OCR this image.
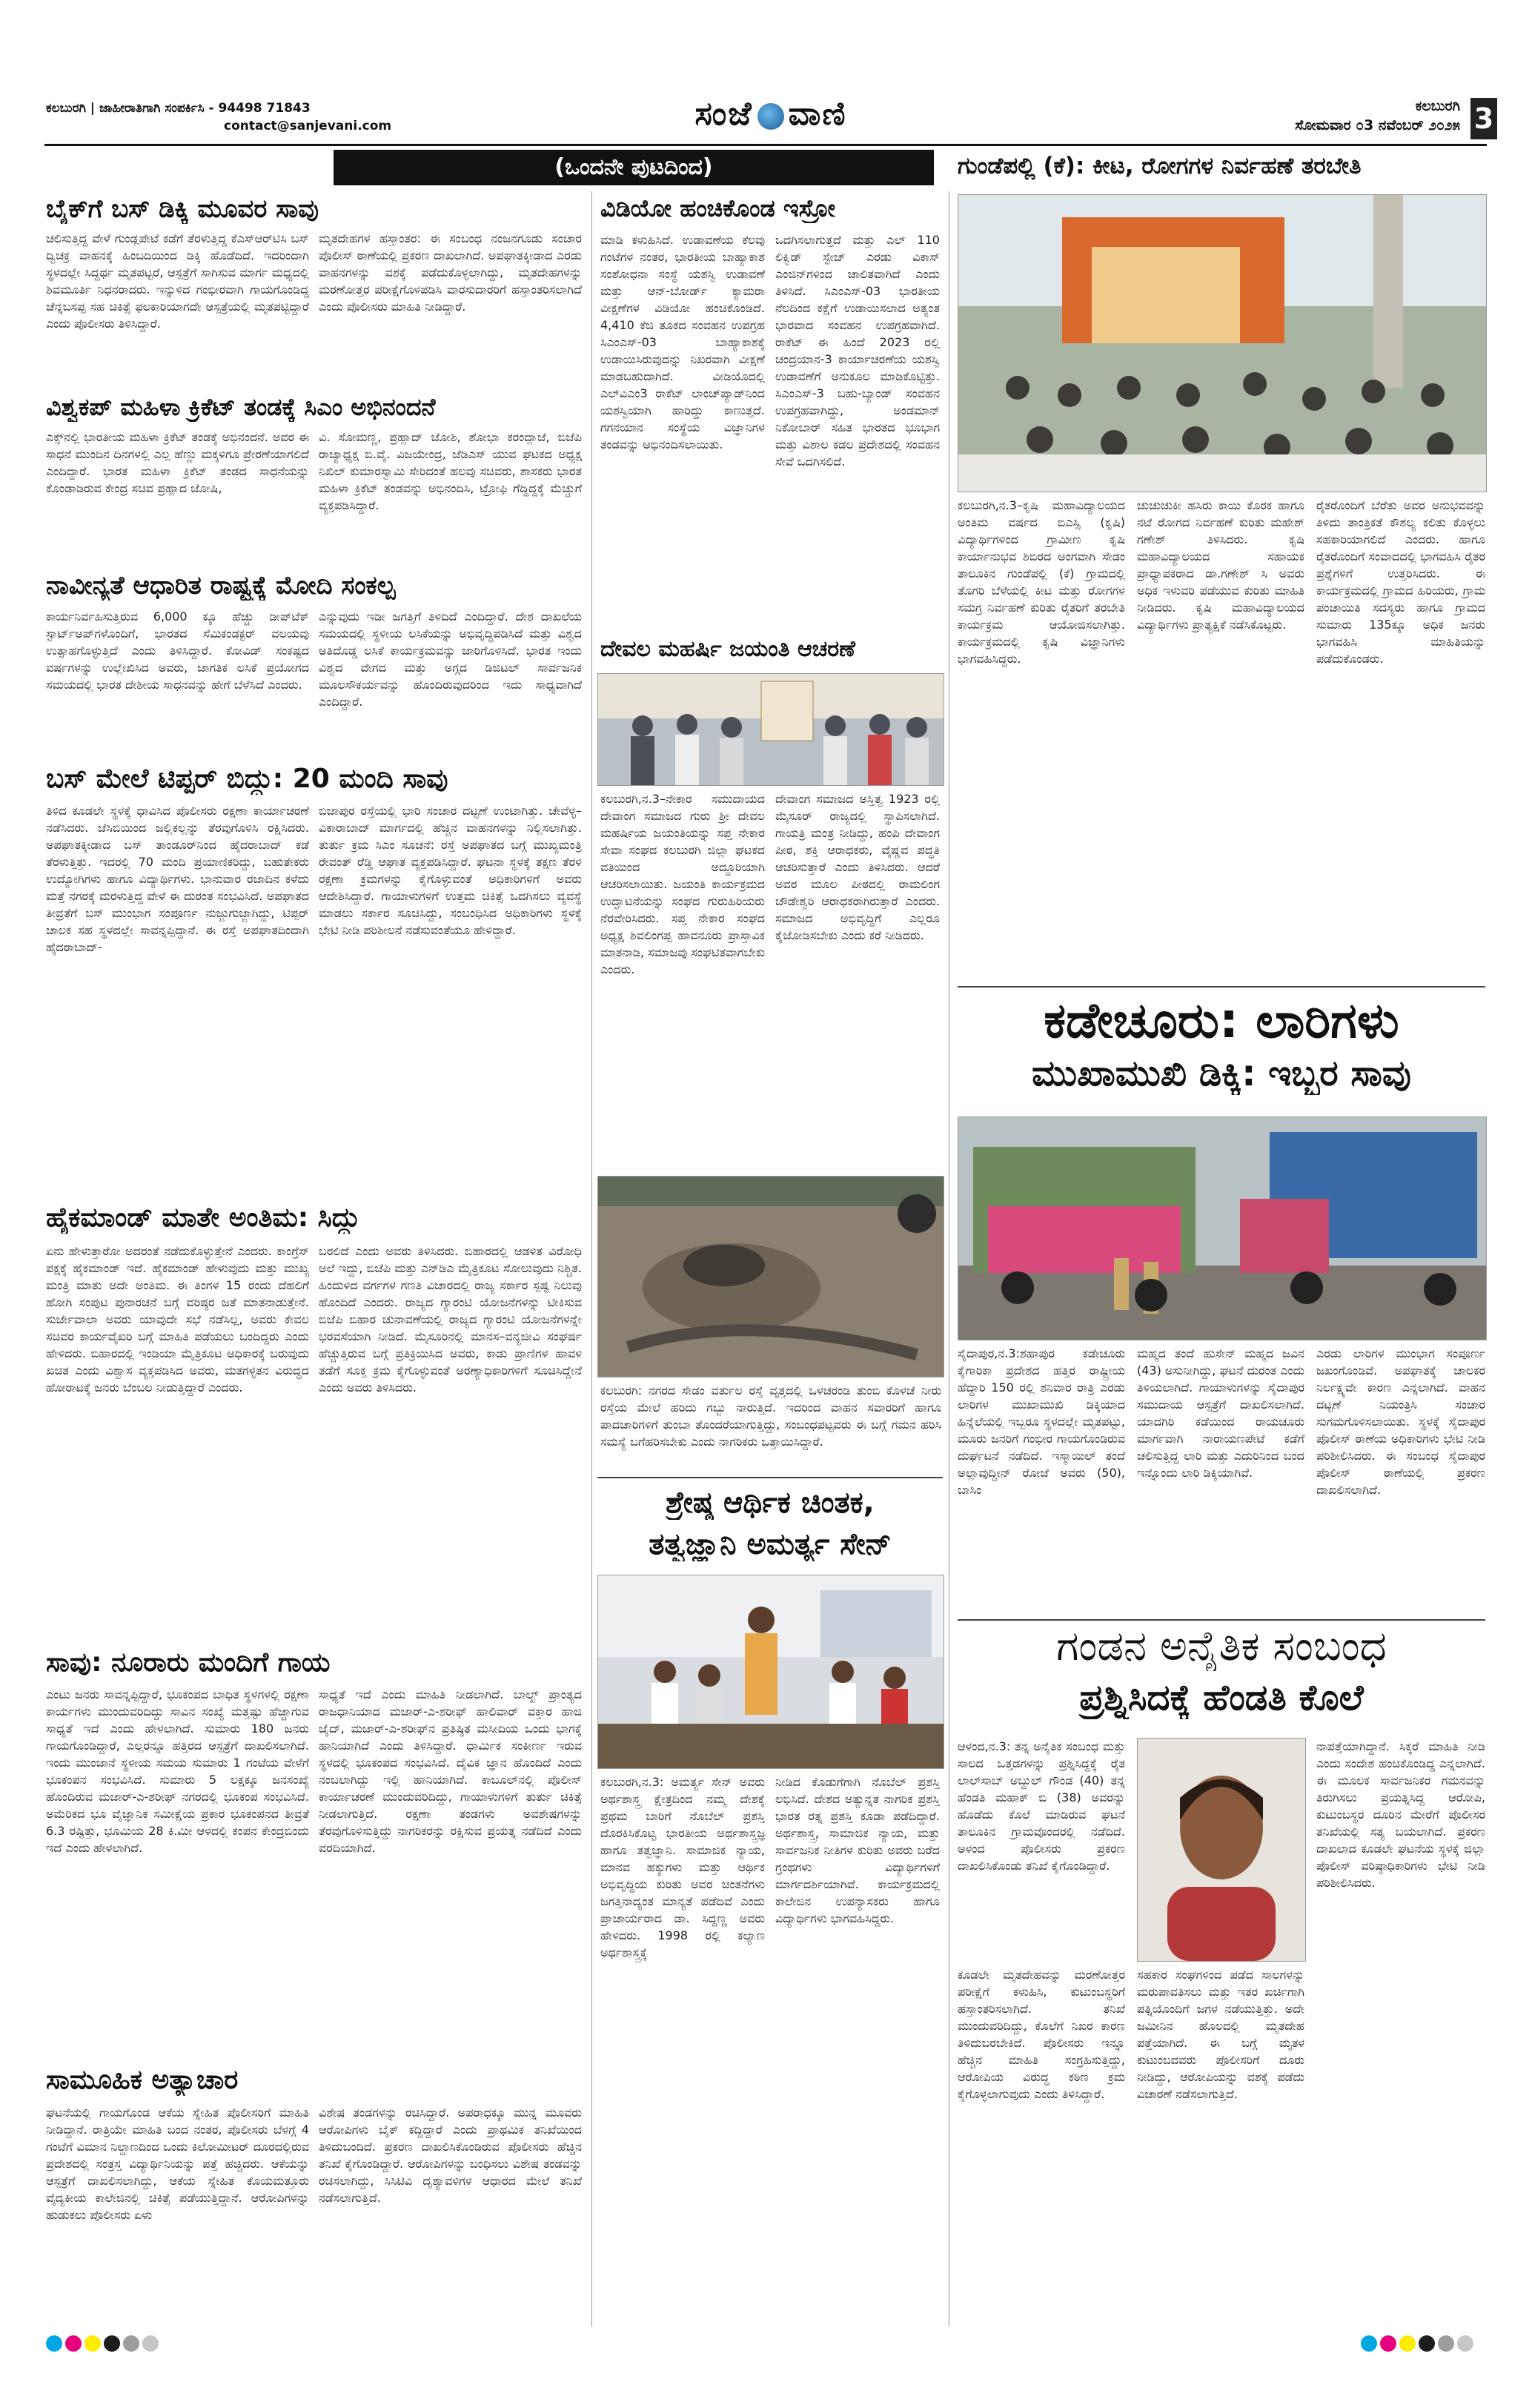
ಕಲಬುರಗಿ | ಜಾಹೀರಾತಿಗಾಗಿ ಸಂಪರ್ಕಿಸಿ - 94498 71843
contact@sanjevani.com	ಸಂಜೆ ವಾಣಿ	ಕಲಬುರಗಿ
ಸೋಮವಾರ ೦3 ನವೆಂಬರ್ ೨೦೨೫ 3
(ಒಂದನೇ ಪುಟದಿಂದ)
ಬೈಕ್‌ಗೆ ಬಸ್ ಡಿಕ್ಕಿ ಮೂವರ ಸಾವು
ಚಲಿಸುತ್ತಿದ್ದ ವೇಳೆ ಗುಂಡ್ಲಪೇಟೆ ಕಡೆಗೆ ತೆರಳುತ್ತಿದ್ದ ಕೆಎಸ್‌ಆರ್‌ಟಿಸಿ ಬಸ್ ದ್ವಿಚಕ್ರ ವಾಹನಕ್ಕೆ ಹಿಂಬದಿಯಿಂದ ಡಿಕ್ಕಿ ಹೊಡೆದಿದೆ. ಇದರಿಂದಾಗಿ ಸ್ಥಳದಲ್ಲೇ ಸಿದ್ದರ್ಥ ಮೃತಪಟ್ಟರೆ, ಆಸ್ಪತ್ರೆಗೆ ಸಾಗಿಸುವ ಮಾರ್ಗ ಮಧ್ಯದಲ್ಲಿ ಶಿವಮೂರ್ತಿ ನಿಧನರಾದರು. ಇನ್ನುಳಿದ ಗಂಭೀರವಾಗಿ ಗಾಯಗೊಂಡಿದ್ದ ಚೆನ್ನಬಸಪ್ಪ ಸಹ ಚಿಕಿತ್ಸೆ ಫಲಕಾರಿಯಾಗದೇ ಆಸ್ಪತ್ರೆಯಲ್ಲಿ ಮೃತಪಟ್ಟಿದ್ದಾರೆ ಎಂದು ಪೊಲೀಸರು ತಿಳಿಸಿದ್ದಾರೆ.
ಮೃತದೇಹಗಳ ಹಸ್ತಾಂತರ: ಈ ಸಂಬಂಧ ನಂಜನಗೂಡು ಸಂಚಾರ ಪೊಲೀಸ್ ಠಾಣೆಯಲ್ಲಿ ಪ್ರಕರಣ ದಾಖಲಾಗಿದೆ. ಅಪಘಾತಕ್ಕೀಡಾದ ಎರಡು ವಾಹನಗಳನ್ನು ವಶಕ್ಕೆ ಪಡೆದುಕೊಳ್ಳಲಾಗಿದ್ದು, ಮೃತದೇಹಗಳನ್ನು ಮರಣೋತ್ತರ ಪರೀಕ್ಷೆಗೊಳಪಡಿಸಿ ವಾರಸುದಾರರಿಗೆ ಹಸ್ತಾಂತರಿಸಲಾಗಿದೆ ಎಂದು ಪೊಲೀಸರು ಮಾಹಿತಿ ನೀಡಿದ್ದಾರೆ.
ವಿಶ್ವಕಪ್ ಮಹಿಳಾ ಕ್ರಿಕೆಟ್ ತಂಡಕ್ಕೆ ಸಿಎಂ ಅಭಿನಂದನೆ
ಎಕ್ಸ್‌ನಲ್ಲಿ ಭಾರತೀಯ ಮಹಿಳಾ ಕ್ರಿಕೆಟ್ ತಂಡಕ್ಕೆ ಅಭಿನಂದನೆ. ಅವರ ಈ ಸಾಧನೆ ಮುಂದಿನ ದಿನಗಳಲ್ಲಿ ಎಲ್ಲ ಹೆಣ್ಣು ಮಕ್ಕಳಿಗೂ ಪ್ರೇರಣೆಯಾಗಲಿದೆ ಎಂದಿದ್ದಾರೆ. ಭಾರತ ಮಹಿಳಾ ಕ್ರಿಕೆಟ್ ತಂಡದ ಸಾಧನೆಯನ್ನು ಕೊಂಡಾಡಿರುವ ಕೇಂದ್ರ ಸಚಿವ ಪ್ರಹ್ಲಾದ ಜೋಷಿ,
ವಿ. ಸೋಮಣ್ಣ, ಪ್ರಹ್ಲಾದ್ ಜೋಶಿ, ಶೋಭಾ ಕರಂದ್ಲಾಜೆ, ಬಿಜೆಪಿ ರಾಜ್ಯಾಧ್ಯಕ್ಷ ಬಿ.ವೈ. ವಿಜಯೇಂದ್ರ, ಜೆಡಿಎಸ್ ಯುವ ಘಟಕದ ಅಧ್ಯಕ್ಷ ನಿಖಿಲ್ ಕುಮಾರಸ್ವಾಮಿ ಸೇರಿದಂತೆ ಹಲವು ಸಚಿವರು, ಶಾಸಕರು ಭಾರತ ಮಹಿಳಾ ಕ್ರಿಕೆಟ್ ತಂಡವನ್ನು ಅಭಿನಂದಿಸಿ, ಟ್ರೋಫಿ ಗೆದ್ದಿದ್ದಕ್ಕೆ ಮೆಚ್ಚುಗೆ ವ್ಯಕ್ತಪಡಿಸಿದ್ದಾರೆ.
ನಾವೀನ್ಯತೆ ಆಧಾರಿತ ರಾಷ್ಟ್ರಕ್ಕೆ ಮೋದಿ ಸಂಕಲ್ಪ
ಕಾರ್ಯನಿರ್ವಹಿಸುತ್ತಿರುವ 6,000 ಕ್ಕೂ ಹೆಚ್ಚು ಡೀಪ್‌ಟೆಕ್ ಸ್ಟಾರ್ಟ್‌ಅಪ್‌ಗಳೊಂದಿಗೆ, ಭಾರತದ ಸೆಮಿಕಂಡಕ್ಟರ್ ವಲಯವು ಉತ್ಸಾಹಗೊಳ್ಳುತ್ತಿದೆ ಎಂದು ತಿಳಿಸಿದ್ದಾರೆ. ಕೋವಿಡ್ ಸಂಕಷ್ಟದ ವರ್ಷಗಳನ್ನು ಉಲ್ಲೇಖಿಸಿದ ಅವರು, ಜಾಗತಿಕ ಲಸಿಕೆ ಪ್ರಯೋಗದ ಸಮಯದಲ್ಲಿ ಭಾರತ ದೇಶೀಯ ಸಾಧನವನ್ನು ಹೇಗೆ ಬೆಳೆಸಿದೆ ಎಂದರು.
ಎನ್ನುವುದು ಇಡೀ ಜಗತ್ತಿಗೆ ತಿಳಿದಿದೆ ಎಂದಿದ್ದಾರೆ. ದೇಶ ದಾಖಲೆಯ ಸಮಯದಲ್ಲಿ ಸ್ಥಳೀಯ ಲಸಿಕೆಯನ್ನು ಅಭಿವೃದ್ಧಿಪಡಿಸಿದೆ ಮತ್ತು ವಿಶ್ವದ ಅತಿದೊಡ್ಡ ಲಸಿಕೆ ಕಾರ್ಯಕ್ರಮವನ್ನು ಜಾರಿಗೊಳಿಸಿದೆ. ಭಾರತ ಇಂದು ವಿಶ್ವದ ವೇಗದ ಮತ್ತು ಅಗ್ಗದ ಡಿಜಿಟಲ್ ಸಾರ್ವಜನಿಕ ಮೂಲಸೌಕರ್ಯವನ್ನು ಹೊಂದಿರುವುದರಿಂದ ಇದು ಸಾಧ್ಯವಾಗಿದೆ ಎಂದಿದ್ದಾರೆ.
ಬಸ್ ಮೇಲೆ ಟಿಪ್ಪರ್ ಬಿದ್ದು: 20 ಮಂದಿ ಸಾವು
ತಿಳಿದ ಕೂಡಲೇ ಸ್ಥಳಕ್ಕೆ ಧಾವಿಸಿದ ಪೊಲೀಸರು ರಕ್ಷಣಾ ಕಾರ್ಯಾಚರಣೆ ನಡೆಸಿದರು. ಜೆಸಿಬಿಯಿಂದ ಜಲ್ಲಿಕಲ್ಲನ್ನು ತೆರವುಗೊಳಿಸಿ ರಕ್ಷಿಸಿದರು. ಅಪಘಾತಕ್ಕೀಡಾದ ಬಸ್ ತಾಂಡೂರ್‌ನಿಂದ ಹೈದರಾಬಾದ್ ಕಡೆ ತೆರಳುತ್ತಿತ್ತು. ಇದರಲ್ಲಿ 70 ಮಂದಿ ಪ್ರಯಾಣಿಕರಿದ್ದು, ಬಹುತೇಕರು ಉದ್ಯೋಗಿಗಳು ಹಾಗೂ ವಿದ್ಯಾರ್ಥಿಗಳು. ಭಾನುವಾರ ರಜಾದಿನ ಕಳೆದು ಮತ್ತೆ ನಗರಕ್ಕೆ ಮರಳುತ್ತಿದ್ದ ವೇಳೆ ಈ ದುರಂತ ಸಂಭವಿಸಿದೆ. ಅಪಘಾತದ ತೀವ್ರತೆಗೆ ಬಸ್ ಮುಂಭಾಗ ಸಂಪೂರ್ಣ ನುಜ್ಜುಗುಜ್ಜಾಗಿದ್ದು, ಟಿಪ್ಪರ್ ಚಾಲಕ ಸಹ ಸ್ಥಳದಲ್ಲೇ ಸಾವನ್ನಪ್ಪಿದ್ದಾನೆ. ಈ ರಸ್ತೆ ಅಪಘಾತದಿಂದಾಗಿ ಹೈದರಾಬಾದ್-
ಬಿಜಾಪುರ ರಸ್ತೆಯಲ್ಲಿ ಭಾರಿ ಸಂಚಾರ ದಟ್ಟಣೆ ಉಂಟಾಗಿತ್ತು. ಚೇವೆಳ್ಳ–ವಿಕಾರಾಬಾದ್ ಮಾರ್ಗದಲ್ಲಿ ಹೆಚ್ಚಿನ ವಾಹನಗಳನ್ನು ನಿಲ್ಲಿಸಲಾಗಿತ್ತು. ತುರ್ತು ಕ್ರಮ ಸಿಎಂ ಸೂಚನೆ: ರಸ್ತೆ ಅಪಘಾತದ ಬಗ್ಗೆ ಮುಖ್ಯಮಂತ್ರಿ ರೇವಂತ್ ರೆಡ್ಡಿ ಆಘಾತ ವ್ಯಕ್ತಪಡಿಸಿದ್ದಾರೆ. ಘಟನಾ ಸ್ಥಳಕ್ಕೆ ತಕ್ಷಣ ತೆರಳಿ ರಕ್ಷಣಾ ಕ್ರಮಗಳನ್ನು ಕೈಗೊಳ್ಳುವಂತೆ ಅಧಿಕಾರಿಗಳಿಗೆ ಅವರು ಆದೇಶಿಸಿದ್ದಾರೆ. ಗಾಯಾಳುಗಳಿಗೆ ಉತ್ತಮ ಚಿಕಿತ್ಸೆ ಒದಗಿಸಲು ವ್ಯವಸ್ಥೆ ಮಾಡಲು ಸರ್ಕಾರ ಸೂಚಿಸಿದ್ದು, ಸಂಬಂಧಿಸಿದ ಅಧಿಕಾರಿಗಳು ಸ್ಥಳಕ್ಕೆ ಭೇಟಿ ನೀಡಿ ಪರಿಶೀಲನೆ ನಡೆಸುವಂತೆಯೂ ಹೇಳಿದ್ದಾರೆ.
ಹೈಕಮಾಂಡ್ ಮಾತೇ ಅಂತಿಮ: ಸಿದ್ದು
ಏನು ಹೇಳುತ್ತಾರೋ ಅದರಂತೆ ನಡೆದುಕೊಳ್ಳುತ್ತೇನೆ ಎಂದರು. ಕಾಂಗ್ರೆಸ್ ಪಕ್ಷಕ್ಕೆ ಹೈಕಮಾಂಡ್ ಇದೆ. ಹೈಕಮಾಂಡ್ ಹೇಳುವುದು ಮತ್ತು ಮುಖ್ಯ ಮಂತ್ರಿ ಮಾತು ಅದೇ ಅಂತಿಮ. ಈ ತಿಂಗಳ 15 ರಂದು ದೆಹಲಿಗೆ ಹೋಗಿ ಸಂಪುಟ ಪುನಾರಚನೆ ಬಗ್ಗೆ ವರಿಷ್ಠರ ಜತೆ ಮಾತನಾಡುತ್ತೇನೆ. ಸುರ್ಜೇವಾಲಾ ಅವರು ಯಾವುದೇ ಸಭೆ ನಡೆಸಿಲ್ಲ, ಅವರು ಕೇವಲ ಸಚಿವರ ಕಾರ್ಯವೈಖರಿ ಬಗ್ಗೆ ಮಾಹಿತಿ ಪಡೆಯಲು ಬಂದಿದ್ದರು ಎಂದು ಹೇಳಿದರು. ಬಿಹಾರದಲ್ಲಿ ಇಂಡಿಯಾ ಮೈತ್ರಿಕೂಟ ಅಧಿಕಾರಕ್ಕೆ ಬರುವುದು ಖಚಿತ ಎಂದು ವಿಶ್ವಾಸ ವ್ಯಕ್ತಪಡಿಸಿದ ಅವರು, ಮತಗಳ್ಳತನ ವಿರುದ್ಧದ ಹೋರಾಟಕ್ಕೆ ಜನರು ಬೆಂಬಲ ನೀಡುತ್ತಿದ್ದಾರೆ ಎಂದರು.
ಬರಲಿದೆ ಎಂದು ಅವರು ತಿಳಿಸಿದರು. ಬಿಹಾರದಲ್ಲಿ ಆಡಳಿತ ವಿರೋಧಿ ಅಲೆ ಇದ್ದು, ಬಿಜೆಪಿ ಮತ್ತು ಎನ್‌ಡಿಎ ಮೈತ್ರಿಕೂಟ ಸೋಲುವುದು ನಿಶ್ಚಿತ. ಹಿಂದುಳಿದ ವರ್ಗಗಳ ಗಣತಿ ವಿಚಾರದಲ್ಲಿ ರಾಜ್ಯ ಸರ್ಕಾರ ಸ್ಪಷ್ಟ ನಿಲುವು ಹೊಂದಿದೆ ಎಂದರು. ರಾಜ್ಯದ ಗ್ಯಾರಂಟಿ ಯೋಜನೆಗಳನ್ನು ಟೀಕಿಸುವ ಬಿಜೆಪಿ ಬಿಹಾರ ಚುನಾವಣೆಯಲ್ಲಿ ರಾಜ್ಯದ ಗ್ಯಾರಂಟಿ ಯೋಜನೆಗಳನ್ನೇ ಭರವಸೆಯಾಗಿ ನೀಡಿದೆ. ಮೈಸೂರಿನಲ್ಲಿ ಮಾನಸ–ವನ್ಯಜೀವಿ ಸಂಘರ್ಷ ಹೆಚ್ಚುತ್ತಿರುವ ಬಗ್ಗೆ ಪ್ರತಿಕ್ರಿಯಿಸಿದ ಅವರು, ಕಾಡು ಪ್ರಾಣಿಗಳ ಹಾವಳಿ ತಡೆಗೆ ಸೂಕ್ತ ಕ್ರಮ ಕೈಗೊಳ್ಳುವಂತೆ ಅರಣ್ಯಾಧಿಕಾರಿಗಳಿಗೆ ಸೂಚಿಸಿದ್ದೇನೆ ಎಂದು ಅವರು ತಿಳಿಸಿದರು.
ಸಾವು: ನೂರಾರು ಮಂದಿಗೆ ಗಾಯ
ಎಂಟು ಜನರು ಸಾವನ್ನಪ್ಪಿದ್ದಾರೆ, ಭೂಕಂಪದ ಬಾಧಿತ ಸ್ಥಳಗಳಲ್ಲಿ ರಕ್ಷಣಾ ಕಾರ್ಯಗಳು ಮುಂದುವರಿದಿದ್ದು ಸಾವಿನ ಸಂಖ್ಯೆ ಮತ್ತಷ್ಟು ಹೆಚ್ಚಾಗುವ ಸಾಧ್ಯತೆ ಇದೆ ಎಂದು ಹೇಳಲಾಗಿದೆ. ಸುಮಾರು 180 ಜನರು ಗಾಯಗೊಂಡಿದ್ದಾರೆ, ಎಲ್ಲರನ್ನೂ ಹತ್ತಿರದ ಆಸ್ಪತ್ರೆಗೆ ದಾಖಲಿಸಲಾಗಿದೆ. ಇಂದು ಮುಂಜಾನೆ ಸ್ಥಳೀಯ ಸಮಯ ಸುಮಾರು 1 ಗಂಟೆಯ ವೇಳೆಗೆ ಭೂಕಂಪನ ಸಂಭವಿಸಿದೆ. ಸುಮಾರು 5 ಲಕ್ಷಕ್ಕೂ ಜನಸಂಖ್ಯೆ ಹೊಂದಿರುವ ಮಜಾರ್-ಎ-ಶರೀಫ್ ನಗರದಲ್ಲಿ ಭೂಕಂಪ ಸಂಭವಿಸಿದೆ. ಅಮೆರಿಕದ ಭೂ ವೈಜ್ಞಾನಿಕ ಸಮೀಕ್ಷೆಯ ಪ್ರಕಾರ ಭೂಕಂಪನದ ತೀವ್ರತೆ 6.3 ರಷ್ಟಿತ್ತು, ಭೂಮಿಯ 28 ಕಿ.ಮೀ ಆಳದಲ್ಲಿ ಕಂಪನ ಕೇಂದ್ರಬಿಂದು ಇದೆ ಎಂದು ಹೇಳಲಾಗಿದೆ.
ಸಾಧ್ಯತೆ ಇದೆ ಎಂದು ಮಾಹಿತಿ ನೀಡಲಾಗಿದೆ. ಬಾಲ್ಖ್ ಪ್ರಾಂತ್ಯದ ರಾಜಧಾನಿಯಾದ ಮಜಾರ್-ಎ-ಶರೀಫ್ ಹಾಲಿವಾರ್ ವಕ್ತಾರ ಹಾಜಿ ಜೈದ್, ಮಜಾರ್-ಎ-ಶರೀಫ್‌ನ ಪ್ರತಿಷ್ಠಿತ ಮಸೀದಿಯ ಒಂದು ಭಾಗಕ್ಕೆ ಹಾನಿಯಾಗಿದೆ ಎಂದು ತಿಳಿಸಿದ್ದಾರೆ. ಧಾರ್ಮಿಕ ಸಂಕೀರ್ಣ ಇರುವ ಸ್ಥಳದಲ್ಲಿ ಭೂಕಂಪದ ಸಂಭವಿಸಿದೆ. ದೈವಿಕ ಜ್ಞಾನ ಹೊಂದಿದೆ ಎಂದು ನಂಬಲಾಗಿದ್ದು ಇಲ್ಲಿ ಹಾನಿಯಾಗಿದೆ. ಕಾಬೂಲ್‌ನಲ್ಲಿ ಪೊಲೀಸ್ ಕಾರ್ಯಾಚರಣೆ ಮುಂದುವರಿದಿದ್ದು, ಗಾಯಾಳುಗಳಿಗೆ ತುರ್ತು ಚಿಕಿತ್ಸೆ ನೀಡಲಾಗುತ್ತಿದೆ. ರಕ್ಷಣಾ ತಂಡಗಳು ಅವಶೇಷಗಳನ್ನು ತೆರವುಗೊಳಿಸುತ್ತಿದ್ದು ನಾಗರಿಕರನ್ನು ರಕ್ಷಿಸುವ ಪ್ರಯತ್ನ ನಡೆದಿದೆ ಎಂದು ವರದಿಯಾಗಿದೆ.
ಸಾಮೂಹಿಕ ಅತ್ಯಾಚಾರ
ಘಟನೆಯಲ್ಲಿ ಗಾಯಗೊಂಡ ಆಕೆಯ ಸ್ನೇಹಿತ ಪೊಲೀಸರಿಗೆ ಮಾಹಿತಿ ನೀಡಿದ್ದಾನೆ. ರಾತ್ರಿಯೇ ಮಾಹಿತಿ ಬಂದ ನಂತರ, ಪೊಲೀಸರು ಬೆಳಗ್ಗೆ 4 ಗಂಟೆಗೆ ವಿಮಾನ ನಿಲ್ದಾಣದಿಂದ ಒಂದು ಕಿಲೋಮೀಟರ್ ದೂರದಲ್ಲಿರುವ ಪ್ರದೇಶದಲ್ಲಿ ಸಂತ್ರಸ್ತ ವಿದ್ಯಾರ್ಥಿನಿಯನ್ನು ಪತ್ತೆ ಹಚ್ಚಿದರು. ಆಕೆಯನ್ನು ಆಸ್ಪತ್ರೆಗೆ ದಾಖಲಿಸಲಾಗಿದ್ದು, ಆಕೆಯ ಸ್ನೇಹಿತ ಕೊಯಮತ್ತೂರು ವೈದ್ಯಕೀಯ ಕಾಲೇಜಿನಲ್ಲಿ ಚಿಕಿತ್ಸೆ ಪಡೆಯುತ್ತಿದ್ದಾನೆ. ಆರೋಪಿಗಳನ್ನು ಹುಡುಕಲು ಪೊಲೀಸರು ಏಳು
ವಿಶೇಷ ತಂಡಗಳನ್ನು ರಚಿಸಿದ್ದಾರೆ. ಅಪರಾಧಕ್ಕೂ ಮುನ್ನ ಮೂವರು ಆರೋಪಿಗಳು ಬೈಕ್ ಕದ್ದಿದ್ದಾರೆ ಎಂದು ಪ್ರಾಥಮಿಕ ತನಿಖೆಯಿಂದ ತಿಳಿದುಬಂದಿದೆ. ಪ್ರಕರಣ ದಾಖಲಿಸಿಕೊಂಡಿರುವ ಪೊಲೀಸರು ಹೆಚ್ಚಿನ ತನಿಖೆ ಕೈಗೊಂಡಿದ್ದಾರೆ. ಆರೋಪಿಗಳನ್ನು ಬಂಧಿಸಲು ವಿಶೇಷ ತಂಡವನ್ನು ರಚಿಸಲಾಗಿದ್ದು, ಸಿಸಿಟಿವಿ ದೃಶ್ಯಾವಳಿಗಳ ಆಧಾರದ ಮೇಲೆ ತನಿಖೆ ನಡೆಸಲಾಗುತ್ತಿದೆ.
ವಿಡಿಯೋ ಹಂಚಿಕೊಂಡ ಇಸ್ರೋ
ಮಾಡಿ ಕಳುಹಿಸಿದೆ. ಉಡಾವಣೆಯ ಕೆಲವು ಗಂಟೆಗಳ ನಂತರ, ಭಾರತೀಯ ಬಾಹ್ಯಾಕಾಶ ಸಂಶೋಧನಾ ಸಂಸ್ಥೆ ಯಶಸ್ವಿ ಉಡಾವಣೆ ಮತ್ತು ಆನ್-ಬೋರ್ಡ್ ಕ್ಯಾಮರಾ ವೀಕ್ಷಣೆಗಳ ವಿಡಿಯೋ ಹಂಚಿಕೊಂಡಿದೆ. 4,410 ಕೆಜಿ ತೂಕದ ಸಂವಹನ ಉಪಗ್ರಹ ಸಿಎಂಎಸ್-03 ಬಾಹ್ಯಾಕಾಶಕ್ಕೆ ಉಡಾಯಿಸಿರುವುದನ್ನು ನಿಖರವಾಗಿ ವೀಕ್ಷಣೆ ಮಾಡಬಹುದಾಗಿದೆ. ವೀಡಿಯೊದಲ್ಲಿ ಎಲ್‌ವಿಎಂ3 ರಾಕೆಟ್ ಲಾಂಚ್‌ಪ್ಯಾಡ್‌ನಿಂದ ಯಶಸ್ವಿಯಾಗಿ ಹಾರಿದ್ದು ಕಾಣುತ್ತದೆ. ಗಗನಯಾನ ಸಂಸ್ಥೆಯ ವಿಜ್ಞಾನಿಗಳ ತಂಡವನ್ನು ಅಭಿನಂದಿಸಲಾಯಿತು.
ಒದಗಿಸಲಾಗುತ್ತದೆ ಮತ್ತು ಎಲ್ 110 ಲಿಕ್ವಿಡ್ ಸ್ಟೇಜ್ ಎರಡು ವಿಕಾಸ್ ಎಂಜಿನ್‌ಗಳಿಂದ ಚಾಲಿತವಾಗಿದೆ ಎಂದು ತಿಳಿಸಿದೆ. ಸಿಎಂಎಸ್-03 ಭಾರತೀಯ ನೆಲದಿಂದ ಕಕ್ಷೆಗೆ ಉಡಾಯಿಸಲಾದ ಅತ್ಯಂತ ಭಾರವಾದ ಸಂವಹನ ಉಪಗ್ರಹವಾಗಿದೆ. ರಾಕೆಟ್ ಈ ಹಿಂದೆ 2023 ರಲ್ಲಿ ಚಂದ್ರಯಾನ-3 ಕಾರ್ಯಾಚರಣೆಯ ಯಶಸ್ವಿ ಉಡಾವಣೆಗೆ ಅನುಕೂಲ ಮಾಡಿಕೊಟ್ಟಿತ್ತು. ಸಿಎಂಎಸ್-3 ಬಹು-ಬ್ಯಾಂಡ್ ಸಂವಹನ ಉಪಗ್ರಹವಾಗಿದ್ದು, ಅಂಡಮಾನ್ ನಿಕೋಬಾರ್ ಸಹಿತ ಭಾರತದ ಭೂಭಾಗ ಮತ್ತು ವಿಶಾಲ ಕಡಲ ಪ್ರದೇಶದಲ್ಲಿ ಸಂವಹನ ಸೇವೆ ಒದಗಿಸಲಿದೆ.
ದೇವಲ ಮಹರ್ಷಿ ಜಯಂತಿ ಆಚರಣೆ
ಕಲಬುರಗಿ,ನ.3–ನೇಕಾರ ಸಮುದಾಯದ ದೇವಾಂಗ ಸಮಾಜದ ಗುರು ಶ್ರೀ ದೇವಲ ಮಹರ್ಷಿಯ ಜಯಂತಿಯನ್ನು ಸಪ್ತ ನೇಕಾರ ಸೇವಾ ಸಂಘದ ಕಲಬುರಗಿ ಜಿಲ್ಲಾ ಘಟಕದ ವತಿಯಿಂದ ಅದ್ದೂರಿಯಾಗಿ ಆಚರಿಸಲಾಯಿತು. ಜಯಂತಿ ಕಾರ್ಯಕ್ರಮದ ಉದ್ಘಾಟನೆಯನ್ನು ಸಂಘದ ಗುರುಹಿರಿಯರು ನೆರವೇರಿಸಿದರು. ಸಪ್ತ ನೇಕಾರ ಸಂಘದ ಅಧ್ಯಕ್ಷ ಶಿವಲಿಂಗಪ್ಪ ಹಾವನೂರು ಪ್ರಾಸ್ತಾವಿಕ ಮಾತನಾಡಿ, ಸಮಾಜವು ಸಂಘಟಿತವಾಗಬೇಕು ಎಂದರು.
ದೇವಾಂಗ ಸಮಾಜದ ಅಸ್ತಿತ್ವ 1923 ರಲ್ಲಿ ಮೈಸೂರ್ ರಾಜ್ಯದಲ್ಲಿ ಸ್ಥಾಪಿಸಲಾಗಿದೆ. ಗಾಯತ್ರಿ ಮಂತ್ರ ನೀಡಿದ್ದು, ಹಂಪಿ ದೇವಾಂಗ ಪೀಠ, ಶಕ್ತಿ ಆರಾಧಕರು, ವೈಷ್ಣವ ಪದ್ಧತಿ ಆಚರಿಸುತ್ತಾರೆ ಎಂದು ತಿಳಿಸಿದರು. ಆದರೆ ಅವರ ಮೂಲ ಪೀಠದಲ್ಲಿ ರಾಮಲಿಂಗ ಚೌಡೇಶ್ವರಿ ಆರಾಧಕರಾಗಿರುತ್ತಾರೆ ಎಂದರು. ಸಮಾಜದ ಅಭಿವೃದ್ಧಿಗೆ ಎಲ್ಲರೂ ಕೈಜೋಡಿಸಬೇಕು ಎಂದು ಕರೆ ನೀಡಿದರು.
ಕಲಬುರಗಿ: ನಗರದ ಸೇಡಂ ವರ್ತುಲ ರಸ್ತೆ ವೃತ್ತದಲ್ಲಿ ಒಳಚರಂಡಿ ತುಂಬಿ ಕೊಳಚೆ ನೀರು ರಸ್ತೆಯ ಮೇಲೆ ಹರಿದು ಗಬ್ಬು ನಾರುತ್ತಿದೆ. ಇದರಿಂದ ವಾಹನ ಸವಾರರಿಗೆ ಹಾಗೂ ಪಾದಚಾರಿಗಳಿಗೆ ತುಂಬಾ ತೊಂದರೆಯಾಗುತ್ತಿದ್ದು, ಸಂಬಂಧಪಟ್ಟವರು ಈ ಬಗ್ಗೆ ಗಮನ ಹರಿಸಿ ಸಮಸ್ಯೆ ಬಗೆಹರಿಸಬೇಕು ಎಂದು ನಾಗರಿಕರು ಒತ್ತಾಯಿಸಿದ್ದಾರೆ.
ಶ್ರೇಷ್ಠ ಆರ್ಥಿಕ ಚಿಂತಕ,
ತತ್ವಜ್ಞಾನಿ ಅಮರ್ತ್ಯ ಸೇನ್
ಕಲಬುರಗಿ,ನ.3: ಅಮರ್ತ್ಯ ಸೇನ್ ಅವರು ಅರ್ಥಶಾಸ್ತ್ರ ಕ್ಷೇತ್ರದಿಂದ ನಮ್ಮ ದೇಶಕ್ಕೆ ಪ್ರಥಮ ಬಾರಿಗೆ ನೊಬೆಲ್ ಪ್ರಶಸ್ತಿ ದೊರಕಿಸಿಕೊಟ್ಟ ಭಾರತೀಯ ಅರ್ಥಶಾಸ್ತ್ರಜ್ಞ ಹಾಗೂ ತತ್ವಜ್ಞಾನಿ. ಸಾಮಾಜಿಕ ನ್ಯಾಯ, ಮಾನವ ಹಕ್ಕುಗಳು ಮತ್ತು ಆರ್ಥಿಕ ಅಭಿವೃದ್ಧಿಯ ಕುರಿತು ಅವರ ಚಿಂತನೆಗಳು ಜಗತ್ತಿನಾದ್ಯಂತ ಮಾನ್ಯತೆ ಪಡೆದಿವೆ ಎಂದು ಪ್ರಾಚಾರ್ಯರಾದ ಡಾ. ಸಿದ್ದಣ್ಣ ಅವರು ಹೇಳಿದರು. 1998 ರಲ್ಲಿ ಕಲ್ಯಾಣ ಅರ್ಥಶಾಸ್ತ್ರಕ್ಕೆ
ನೀಡಿದ ಕೊಡುಗೆಗಾಗಿ ನೊಬೆಲ್ ಪ್ರಶಸ್ತಿ ಲಭಿಸಿದೆ. ದೇಶದ ಅತ್ಯುನ್ನತ ನಾಗರಿಕ ಪ್ರಶಸ್ತಿ ಭಾರತ ರತ್ನ ಪ್ರಶಸ್ತಿ ಕೂಡಾ ಪಡೆದಿದ್ದಾರೆ. ಅರ್ಥಶಾಸ್ತ್ರ, ಸಾಮಾಜಿಕ ನ್ಯಾಯ, ಮತ್ತು ಸಾರ್ವಜನಿಕ ನೀತಿಗಳ ಕುರಿತು ಅವರು ಬರೆದ ಗ್ರಂಥಗಳು ವಿದ್ಯಾರ್ಥಿಗಳಿಗೆ ಮಾರ್ಗದರ್ಶಿಯಾಗಿವೆ. ಕಾರ್ಯಕ್ರಮದಲ್ಲಿ ಕಾಲೇಜಿನ ಉಪನ್ಯಾಸಕರು ಹಾಗೂ ವಿದ್ಯಾರ್ಥಿಗಳು ಭಾಗವಹಿಸಿದ್ದರು.
ಗುಂಡೆಪಲ್ಲಿ (ಕೆ): ಕೀಟ, ರೋಗಗಳ ನಿರ್ವಹಣೆ ತರಬೇತಿ
ಕಲಬುರಗಿ,ನ.3–ಕೃಷಿ ಮಹಾವಿದ್ಯಾಲಯದ ಅಂತಿಮ ವರ್ಷದ ಬಿಎಸ್ಸಿ (ಕೃಷಿ) ವಿದ್ಯಾರ್ಥಿಗಳಿಂದ ಗ್ರಾಮೀಣ ಕೃಷಿ ಕಾರ್ಯಾನುಭವ ಶಿಬಿರದ ಅಂಗವಾಗಿ ಸೇಡಂ ತಾಲೂಕಿನ ಗುಂಡೆಪಲ್ಲಿ (ಕೆ) ಗ್ರಾಮದಲ್ಲಿ ತೊಗರಿ ಬೆಳೆಯಲ್ಲಿ ಕೀಟ ಮತ್ತು ರೋಗಗಳ ಸಮಗ್ರ ನಿರ್ವಹಣೆ ಕುರಿತು ರೈತರಿಗೆ ತರಬೇತಿ ಕಾರ್ಯಕ್ರಮ ಆಯೋಜಿಸಲಾಗಿತ್ತು. ಕಾರ್ಯಕ್ರಮದಲ್ಲಿ ಕೃಷಿ ವಿಜ್ಞಾನಿಗಳು ಭಾಗವಹಿಸಿದ್ದರು.
ಚುಚುಚುಕೀ ಹಸಿರು ಕಾಯಿ ಕೊರಕ ಹಾಗೂ ನಟೆ ರೋಗದ ನಿರ್ವಹಣೆ ಕುರಿತು ಮಹೇಶ್ ಗಣೇಶ್ ತಿಳಿಸಿದರು. ಕೃಷಿ ಮಹಾವಿದ್ಯಾಲಯದ ಸಹಾಯಕ ಪ್ರಾಧ್ಯಾಪಕರಾದ ಡಾ.ಗಣೇಶ್ ಸಿ ಅವರು ಅಧಿಕ ಇಳುವರಿ ಪಡೆಯುವ ಕುರಿತು ಮಾಹಿತಿ ನೀಡಿದರು. ಕೃಷಿ ಮಹಾವಿದ್ಯಾಲಯದ ವಿದ್ಯಾರ್ಥಿಗಳು ಪ್ರಾತ್ಯಕ್ಷಿಕೆ ನಡೆಸಿಕೊಟ್ಟರು.
ರೈತರೊಂದಿಗೆ ಬೆರೆತು ಅವರ ಅನುಭವವನ್ನು ತಿಳಿದು ತಾಂತ್ರಿಕತೆ ಕೌಶಲ್ಯ ಕಲಿತು ಕೊಳ್ಳಲು ಸಹಕಾರಿಯಾಗಲಿದೆ ಎಂದರು. ಹಾಗೂ ರೈತರೊಂದಿಗೆ ಸಂವಾದದಲ್ಲಿ ಭಾಗವಹಿಸಿ ರೈತರ ಪ್ರಶ್ನೆಗಳಿಗೆ ಉತ್ತರಿಸಿದರು. ಈ ಕಾರ್ಯಕ್ರಮದಲ್ಲಿ ಗ್ರಾಮದ ಹಿರಿಯರು, ಗ್ರಾಮ ಪಂಚಾಯಿತಿ ಸದಸ್ಯರು ಹಾಗೂ ಗ್ರಾಮದ ಸುಮಾರು 135ಕ್ಕೂ ಅಧಿಕ ಜನರು ಭಾಗವಹಿಸಿ ಮಾಹಿತಿಯನ್ನು ಪಡೆದುಕೊಂಡರು.
ಕಡೇಚೂರು: ಲಾರಿಗಳು
ಮುಖಾಮುಖಿ ಡಿಕ್ಕಿ: ಇಬ್ಬರ ಸಾವು
ಸೈದಾಪುರ,ನ.3:ಶಹಾಪುರ ಕಡೇಚೂರು ಕೈಗಾರಿಕಾ ಪ್ರದೇಶದ ಹತ್ತಿರ ರಾಷ್ಟ್ರೀಯ ಹೆದ್ದಾರಿ 150 ರಲ್ಲಿ ಶನಿವಾರ ರಾತ್ರಿ ಎರಡು ಲಾರಿಗಳ ಮುಖಾಮುಖಿ ಡಿಕ್ಕಿಯಾದ ಹಿನ್ನೆಲೆಯಲ್ಲಿ ಇಬ್ಬರೂ ಸ್ಥಳದಲ್ಲೇ ಮೃತಪಟ್ಟು, ಮೂರು ಜನರಿಗೆ ಗಂಭೀರ ಗಾಯಗೊಂಡಿರುವ ದುರ್ಘಟನೆ ನಡೆದಿದೆ. ಇಸ್ಮಾಯಿಲ್ ತಂದೆ ಅಲ್ಲಾವುದ್ದೀನ್ ರೋಜೆ ಅವರು (50), ಬಾಸಿಂ
ಮಹ್ಮದ ತಂದೆ ಹುಸೇನ್ ಮಹ್ಮದ ಜವಿನ (43) ಅಸುನೀಗಿದ್ದು, ಘಟನೆ ದುರಂತ ಎಂದು ತಿಳಿಯಲಾಗಿದೆ. ಗಾಯಾಳುಗಳನ್ನು ಸೈದಾಪುರ ಸಮುದಾಯ ಆಸ್ಪತ್ರೆಗೆ ದಾಖಲಿಸಲಾಗಿದೆ. ಯಾದಗಿರಿ ಕಡೆಯಿಂದ ರಾಯಚೂರು ಮಾರ್ಗವಾಗಿ ನಾರಾಯಣಪೇಟೆ ಕಡೆಗೆ ಚಲಿಸುತ್ತಿದ್ದ ಲಾರಿ ಮತ್ತು ಎದುರಿನಿಂದ ಬಂದ ಇನ್ನೊಂದು ಲಾರಿ ಡಿಕ್ಕಿಯಾಗಿವೆ.
ಎರಡು ಲಾರಿಗಳ ಮುಂಭಾಗ ಸಂಪೂರ್ಣ ಜಖಂಗೊಂಡಿವೆ. ಅಪಘಾತಕ್ಕೆ ಚಾಲಕರ ನಿರ್ಲಕ್ಷ್ಯವೇ ಕಾರಣ ಎನ್ನಲಾಗಿದೆ. ವಾಹನ ದಟ್ಟಣೆ ನಿಯಂತ್ರಿಸಿ ಸಂಚಾರ ಸುಗಮಗೊಳಿಸಲಾಯಿತು. ಸ್ಥಳಕ್ಕೆ ಸೈದಾಪುರ ಪೊಲೀಸ್ ಠಾಣೆಯ ಅಧಿಕಾರಿಗಳು ಭೇಟಿ ನೀಡಿ ಪರಿಶೀಲಿಸಿದರು. ಈ ಸಂಬಂಧ ಸೈದಾಪುರ ಪೊಲೀಸ್ ಠಾಣೆಯಲ್ಲಿ ಪ್ರಕರಣ ದಾಖಲಿಸಲಾಗಿದೆ.
ಗಂಡನ ಅನೈತಿಕ ಸಂಬಂಧ
ಪ್ರಶ್ನಿಸಿದಕ್ಕೆ ಹೆಂಡತಿ ಕೊಲೆ
ಆಳಂದ,ನ.3: ತನ್ನ ಅನೈತಿಕ ಸಂಬಂಧ ಮತ್ತು ಸಾಲದ ಒತ್ತಡಗಳನ್ನು ಪ್ರಶ್ನಿಸಿದ್ದಕ್ಕೆ ರೈತ ಲಾಲ್‌ಸಾಬ್ ಅಬ್ದುಲ್ ಗೌಂಡ (40) ತನ್ನ ಹೆಂಡತಿ ಮಹಾಕ್ ಬಿ (38) ಅವರನ್ನು ಹೊಡೆದು ಕೊಲೆ ಮಾಡಿರುವ ಘಟನೆ ತಾಲೂಕಿನ ಗ್ರಾಮವೊಂದರಲ್ಲಿ ನಡೆದಿದೆ. ಅಳಂದ ಪೊಲೀಸರು ಪ್ರಕರಣ ದಾಖಲಿಸಿಕೊಂಡು ತನಿಖೆ ಕೈಗೊಂಡಿದ್ದಾರೆ.
ನಾಪತ್ತೆಯಾಗಿದ್ದಾನೆ. ಸಿಕ್ಕರೆ ಮಾಹಿತಿ ನೀಡಿ ಎಂದು ಸಂದೇಶ ಹಂಚಿಕೊಂಡಿದ್ದ ಎನ್ನಲಾಗಿದೆ. ಈ ಮೂಲಕ ಸಾರ್ವಜನಿಕರ ಗಮನವನ್ನು ತಿರುಗಿಸಲು ಪ್ರಯತ್ನಿಸಿದ್ದ ಆರೋಪಿ, ಕುಟುಂಬಸ್ಥರ ದೂರಿನ ಮೇರೆಗೆ ಪೊಲೀಸರ ತನಿಖೆಯಲ್ಲಿ ಸತ್ಯ ಬಯಲಾಗಿದೆ. ಪ್ರಕರಣ ದಾಖಲಾದ ಕೂಡಲೇ ಘಟನೆಯ ಸ್ಥಳಕ್ಕೆ ಜಿಲ್ಲಾ ಪೊಲೀಸ್ ವರಿಷ್ಠಾಧಿಕಾರಿಗಳು ಭೇಟಿ ನೀಡಿ ಪರಿಶೀಲಿಸಿದರು.
ಸಹಕಾರ ಸಂಘಗಳಿಂದ ಪಡೆದ ಸಾಲಗಳನ್ನು ಮರುಪಾವತಿಸಲು ಮತ್ತು ಇತರ ಖರ್ಚಿಗಾಗಿ ಪತ್ನಿಯೊಂದಿಗೆ ಜಗಳ ನಡೆಯುತ್ತಿತ್ತು. ಅದೇ ಜಮೀನಿನ ಹೊಲದಲ್ಲಿ ಮೃತದೇಹ ಪತ್ತೆಯಾಗಿದೆ. ಈ ಬಗ್ಗೆ ಮೃತಳ ಕುಟುಂಬದವರು ಪೊಲೀಸರಿಗೆ ದೂರು ನೀಡಿದ್ದು, ಆರೋಪಿಯನ್ನು ವಶಕ್ಕೆ ಪಡೆದು ವಿಚಾರಣೆ ನಡೆಸಲಾಗುತ್ತಿದೆ.
ಕೂಡಲೇ ಮೃತದೇಹವನ್ನು ಮರಣೋತ್ತರ ಪರೀಕ್ಷೆಗೆ ಕಳುಹಿಸಿ, ಕುಟುಂಬಸ್ಥರಿಗೆ ಹಸ್ತಾಂತರಿಸಲಾಗಿದೆ. ತನಿಖೆ ಮುಂದುವರಿದಿದ್ದು, ಕೊಲೆಗೆ ನಿಖರ ಕಾರಣ ತಿಳಿದುಬರಬೇಕಿದೆ. ಪೊಲೀಸರು ಇನ್ನೂ ಹೆಚ್ಚಿನ ಮಾಹಿತಿ ಸಂಗ್ರಹಿಸುತ್ತಿದ್ದು, ಆರೋಪಿಯ ವಿರುದ್ಧ ಕಠಿಣ ಕ್ರಮ ಕೈಗೊಳ್ಳಲಾಗುವುದು ಎಂದು ತಿಳಿಸಿದ್ದಾರೆ.
